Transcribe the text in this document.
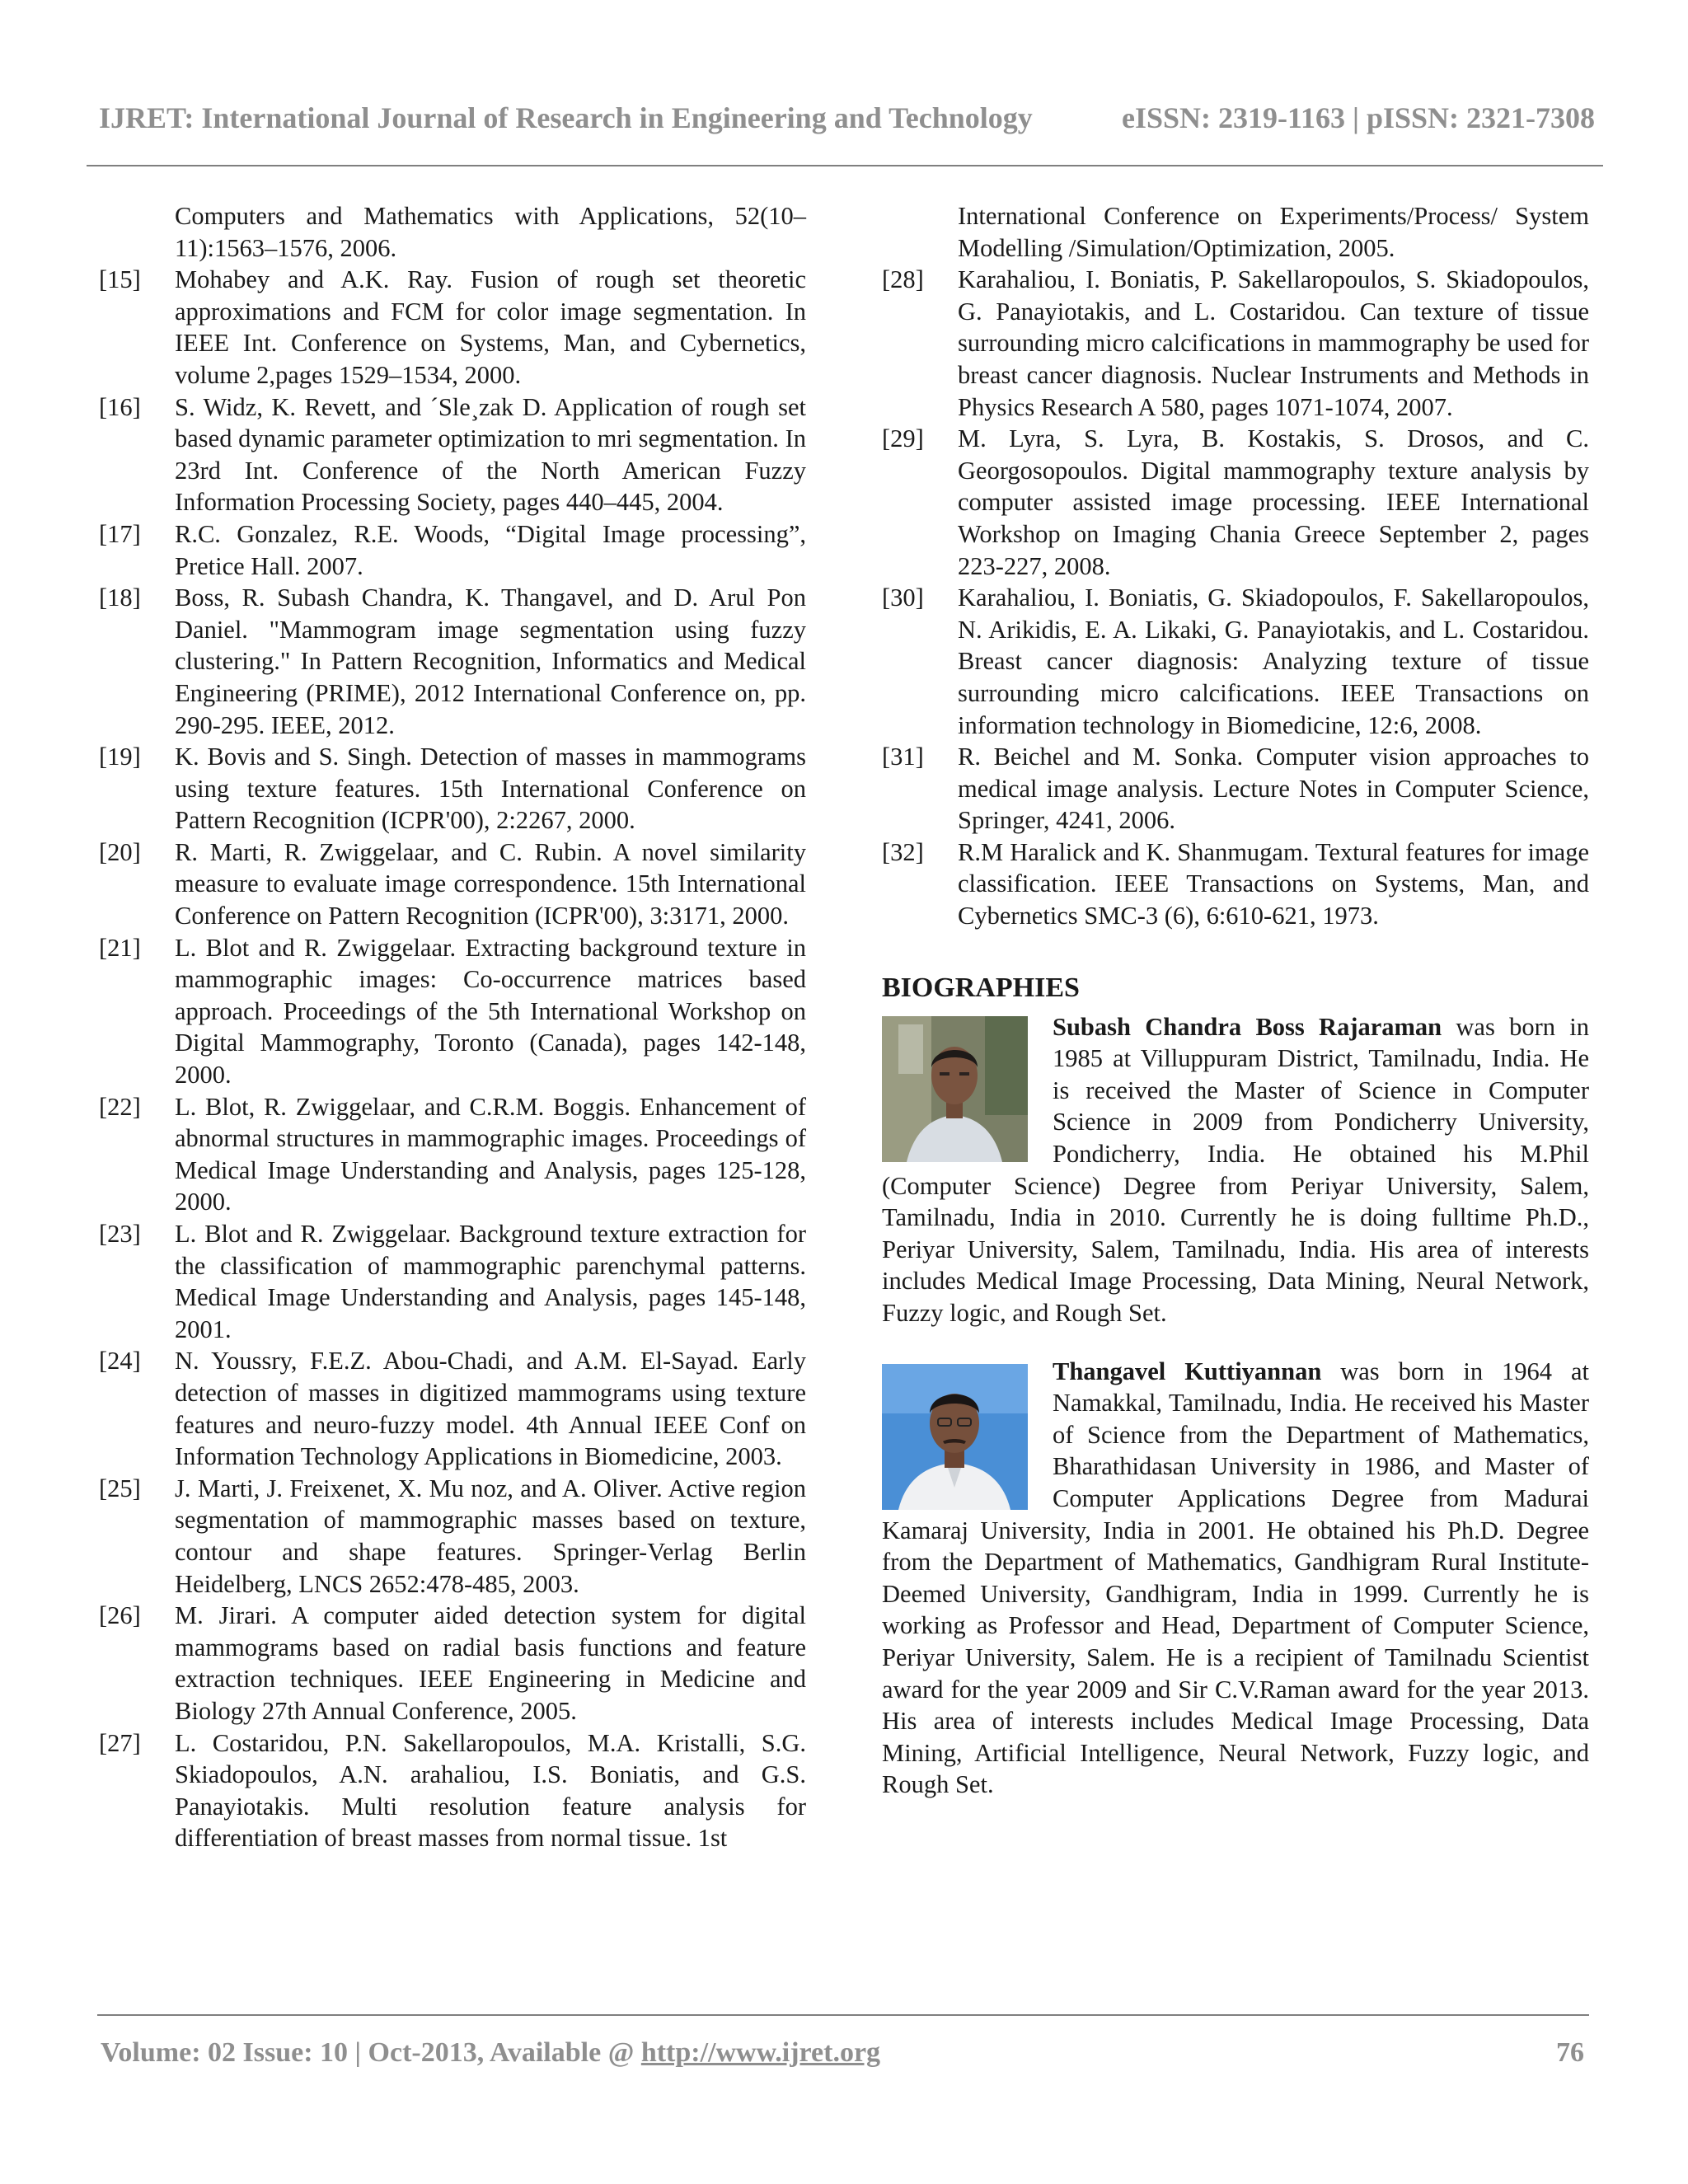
IJRET: International Journal of Research in Engineering and Technology	eISSN: 2319-1163 | pISSN: 2321-7308
Computers and Mathematics with Applications, 52(10–11):1563–1576, 2006.
[15]	Mohabey and A.K. Ray. Fusion of rough set theoretic approximations and FCM for color image segmentation. In IEEE Int. Conference on Systems, Man, and Cybernetics, volume 2,pages 1529–1534, 2000.
[16]	S. Widz, K. Revett, and ´Sle¸zak D. Application of rough set based dynamic parameter optimization to mri segmentation. In 23rd Int. Conference of the North American Fuzzy Information Processing Society, pages 440–445, 2004.
[17]	R.C. Gonzalez, R.E. Woods, “Digital Image processing”, Pretice Hall. 2007.
[18]	Boss, R. Subash Chandra, K. Thangavel, and D. Arul Pon Daniel. "Mammogram image segmentation using fuzzy clustering." In Pattern Recognition, Informatics and Medical Engineering (PRIME), 2012 International Conference on, pp. 290-295. IEEE, 2012.
[19]	K. Bovis and S. Singh. Detection of masses in mammograms using texture features. 15th International Conference on Pattern Recognition (ICPR'00), 2:2267, 2000.
[20]	R. Marti, R. Zwiggelaar, and C. Rubin. A novel similarity measure to evaluate image correspondence. 15th International Conference on Pattern Recognition (ICPR'00), 3:3171, 2000.
[21]	L. Blot and R. Zwiggelaar. Extracting background texture in mammographic images: Co-occurrence matrices based approach. Proceedings of the 5th International Workshop on Digital Mammography, Toronto (Canada), pages 142-148, 2000.
[22]	L. Blot, R. Zwiggelaar, and C.R.M. Boggis. Enhancement of abnormal structures in mammographic images. Proceedings of Medical Image Understanding and Analysis, pages 125-128, 2000.
[23]	L. Blot and R. Zwiggelaar. Background texture extraction for the classification of mammographic parenchymal patterns. Medical Image Understanding and Analysis, pages 145-148, 2001.
[24]	N. Youssry, F.E.Z. Abou-Chadi, and A.M. El-Sayad. Early detection of masses in digitized mammograms using texture features and neuro-fuzzy model. 4th Annual IEEE Conf on Information Technology Applications in Biomedicine, 2003.
[25]	J. Marti, J. Freixenet, X. Mu noz, and A. Oliver. Active region segmentation of mammographic masses based on texture, contour and shape features. Springer-Verlag Berlin Heidelberg, LNCS 2652:478-485, 2003.
[26]	M. Jirari. A computer aided detection system for digital mammograms based on radial basis functions and feature extraction techniques. IEEE Engineering in Medicine and Biology 27th Annual Conference, 2005.
[27]	L. Costaridou, P.N. Sakellaropoulos, M.A. Kristalli, S.G. Skiadopoulos, A.N. arahaliou, I.S. Boniatis, and G.S. Panayiotakis. Multi resolution feature analysis for differentiation of breast masses from normal tissue. 1st
International Conference on Experiments/Process/ System Modelling /Simulation/Optimization, 2005.
[28]	Karahaliou, I. Boniatis, P. Sakellaropoulos, S. Skiadopoulos, G. Panayiotakis, and L. Costaridou. Can texture of tissue surrounding micro calcifications in mammography be used for breast cancer diagnosis. Nuclear Instruments and Methods in Physics Research A 580, pages 1071-1074, 2007.
[29]	M. Lyra, S. Lyra, B. Kostakis, S. Drosos, and C. Georgosopoulos. Digital mammography texture analysis by computer assisted image processing. IEEE International Workshop on Imaging Chania Greece September 2, pages 223-227, 2008.
[30]	Karahaliou, I. Boniatis, G. Skiadopoulos, F. Sakellaropoulos, N. Arikidis, E. A. Likaki, G. Panayiotakis, and L. Costaridou. Breast cancer diagnosis: Analyzing texture of tissue surrounding micro calcifications. IEEE Transactions on information technology in Biomedicine, 12:6, 2008.
[31]	R. Beichel and M. Sonka. Computer vision approaches to medical image analysis. Lecture Notes in Computer Science, Springer, 4241, 2006.
[32]	R.M Haralick and K. Shanmugam. Textural features for image classification. IEEE Transactions on Systems, Man, and Cybernetics SMC-3 (6), 6:610-621, 1973.
BIOGRAPHIES
Subash Chandra Boss Rajaraman was born in 1985 at Villuppuram District, Tamilnadu, India. He is received the Master of Science in Computer Science in 2009 from Pondicherry University, Pondicherry, India. He obtained his M.Phil (Computer Science) Degree from Periyar University, Salem, Tamilnadu, India in 2010. Currently he is doing fulltime Ph.D., Periyar University, Salem, Tamilnadu, India. His area of interests includes Medical Image Processing, Data Mining, Neural Network, Fuzzy logic, and Rough Set.
Thangavel Kuttiyannan was born in 1964 at Namakkal, Tamilnadu, India. He received his Master of Science from the Department of Mathematics, Bharathidasan University in 1986, and Master of Computer Applications Degree from Madurai Kamaraj University, India in 2001. He obtained his Ph.D. Degree from the Department of Mathematics, Gandhigram Rural Institute-Deemed University, Gandhigram, India in 1999. Currently he is working as Professor and Head, Department of Computer Science, Periyar University, Salem. He is a recipient of Tamilnadu Scientist award for the year 2009 and Sir C.V.Raman award for the year 2013. His area of interests includes Medical Image Processing, Data Mining, Artificial Intelligence, Neural Network, Fuzzy logic, and Rough Set.
Volume: 02 Issue: 10 | Oct-2013, Available @ http://www.ijret.org	76
